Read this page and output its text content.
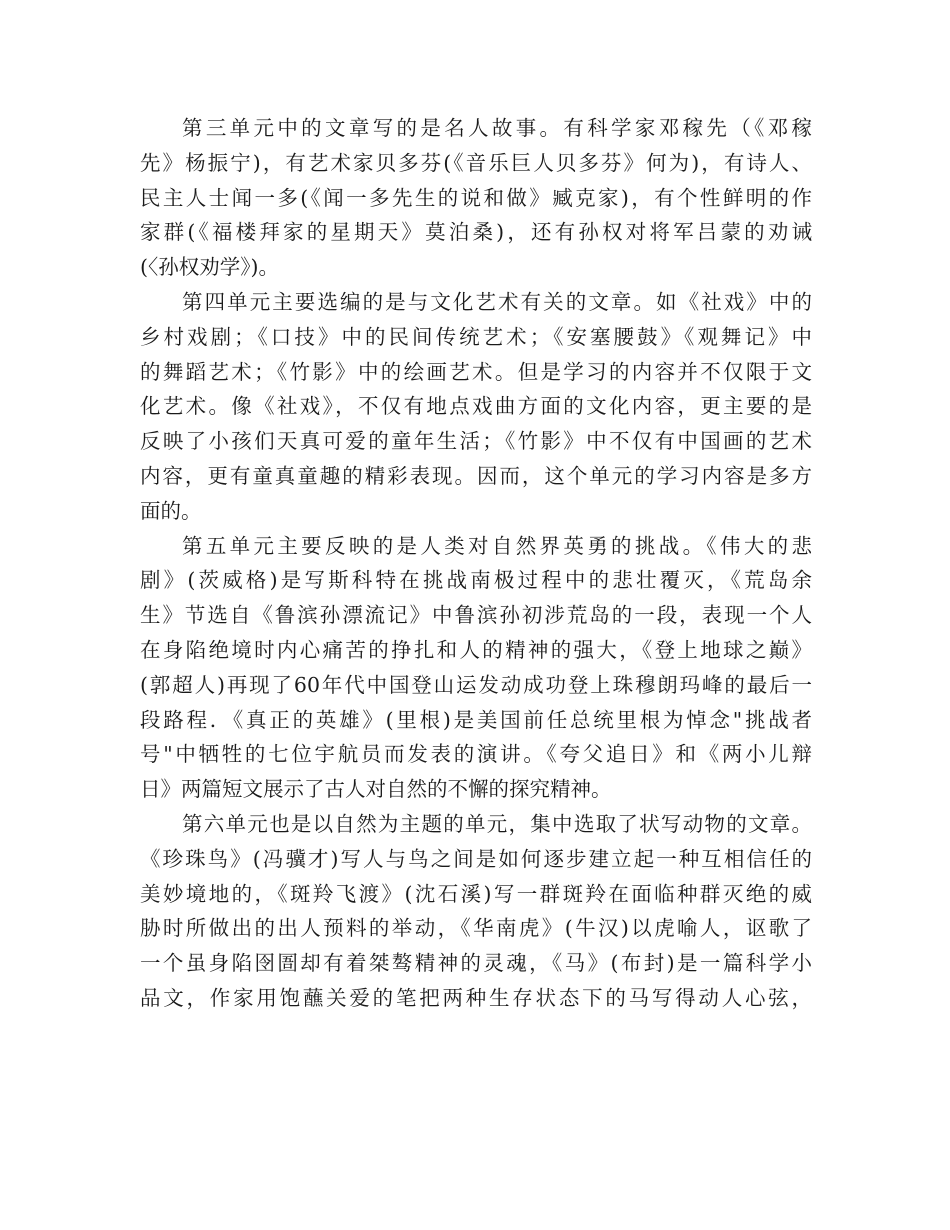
第三单元中的文章写的是名人故事。有科学家邓稼先（《邓稼
先》杨振宁)，有艺术家贝多芬(《音乐巨人贝多芬》何为)，有诗人、
民主人士闻一多(《闻一多先生的说和做》臧克家)，有个性鲜明的作
家群(《福楼拜家的星期天》莫泊桑)，还有孙权对将军吕蒙的劝诫
(〈孙权劝学》)。
第四单元主要选编的是与文化艺术有关的文章。如《社戏》中的
乡村戏剧；《口技》中的民间传统艺术；《安塞腰鼓》《观舞记》中
的舞蹈艺术；《竹影》中的绘画艺术。但是学习的内容并不仅限于文
化艺术。像《社戏》，不仅有地点戏曲方面的文化内容，更主要的是
反映了小孩们天真可爱的童年生活；《竹影》中不仅有中国画的艺术
内容，更有童真童趣的精彩表现。因而，这个单元的学习内容是多方
面的。
第五单元主要反映的是人类对自然界英勇的挑战。《伟大的悲
剧》(茨威格)是写斯科特在挑战南极过程中的悲壮覆灭，《荒岛余
生》节选自《鲁滨孙漂流记》中鲁滨孙初涉荒岛的一段，表现一个人
在身陷绝境时内心痛苦的挣扎和人的精神的强大，《登上地球之巅》
(郭超人)再现了60年代中国登山运发动成功登上珠穆朗玛峰的最后一
段路程．《真正的英雄》(里根)是美国前任总统里根为悼念"挑战者
号"中牺牲的七位宇航员而发表的演讲。《夸父追日》和《两小儿辩
日》两篇短文展示了古人对自然的不懈的探究精神。
第六单元也是以自然为主题的单元，集中选取了状写动物的文章。
《珍珠鸟》(冯骥才)写人与鸟之间是如何逐步建立起一种互相信任的
美妙境地的，《斑羚飞渡》(沈石溪)写一群斑羚在面临种群灭绝的威
胁时所做出的出人预料的举动，《华南虎》(牛汉)以虎喻人，讴歌了
一个虽身陷囹圄却有着桀骜精神的灵魂，《马》(布封)是一篇科学小
品文，作家用饱蘸关爱的笔把两种生存状态下的马写得动人心弦，
